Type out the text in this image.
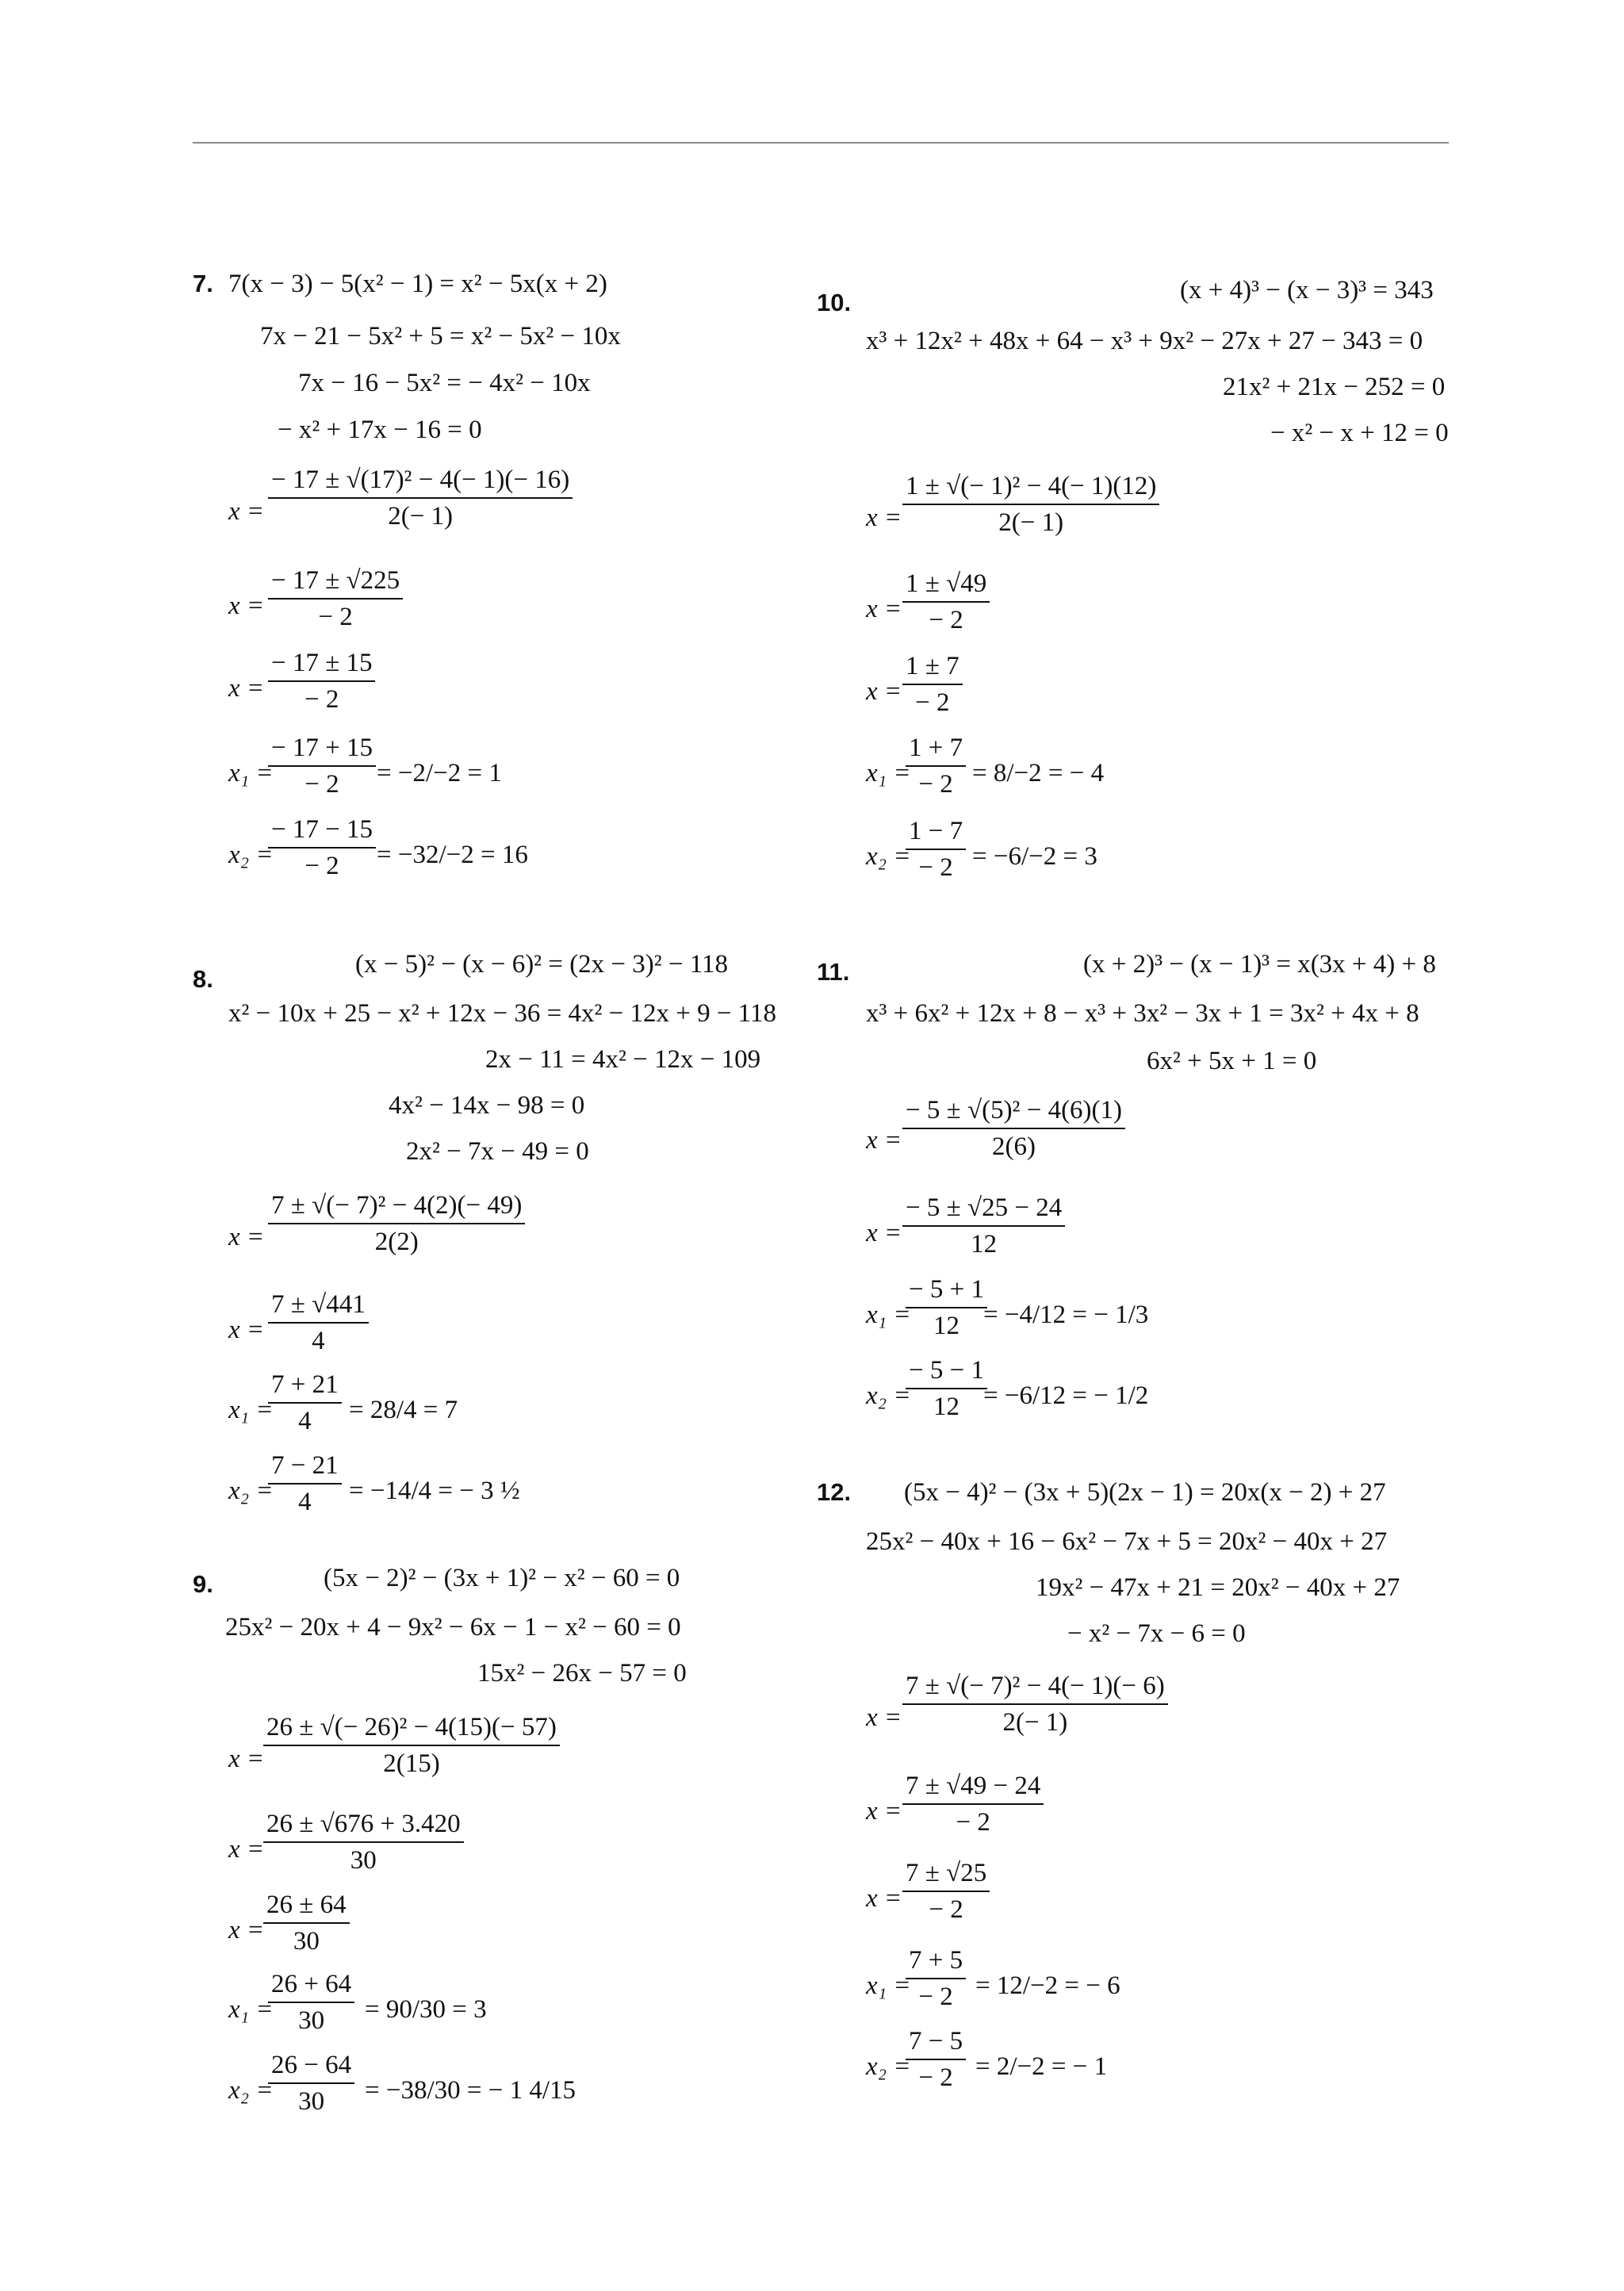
7. 7(x − 3) − 5(x² − 1) = x² − 5x(x + 2)
7x − 21 − 5x² + 5 = x² − 5x² − 10x
7x − 16 − 5x² = − 4x² − 10x
− x² + 17x − 16 = 0
$x = \frac{\text{− 17 ± √(17)² − 4(− 1)(− 16)}}{2(- 1)}$
$x = \frac{- 17 \pm √225}{- 2}$
$x = \frac{- 17 \pm 15}{- 2}$
x₁ =
$\frac{- 17 + 15}{- 2} = -2/-2 = 1$
x₂ =
$\frac{- 17 - 15}{- 2} = -32/-2 = 16$
8.
(x − 5)² − (x − 6)² = (2x − 3)² − 118
x² − 10x + 25 − x² + 12x − 36 = 4x² − 12x + 9 − 118
2x − 11 = 4x² − 12x − 109
4x² − 14x − 98 = 0
2x² − 7x − 49 = 0
$x = \frac{\text{7 ± √(− 7)² − 4(2)(− 49)}}{2(2)}$
$x = \frac{7 \pm √441}{4}$
x₁ =
$\frac{7 + 21}{4} = 28/4 = 7$
x₂ =
$\frac{7 - 21}{4} = -14/4$ = − 3 ½
9.	(5x − 2)² − (3x + 1)² − x² − 60 = 0
25x² − 20x + 4 − 9x² − 6x − 1 − x² − 60 = 0
15x² − 26x − 57 = 0
x =
$\frac{\text{26 ± √(− 26)² − 4(15)(− 57)}}{2(15)}$
x =
$\frac{26 \pm √676 + 3.420}{30}$
x =
$\frac{26 \pm 64}{30}$
x₁ =
$\frac{26 + 64}{30} = 90/30 = 3$
x₂ =
$\frac{26 - 64}{30} = -38/30$ = − 1 4/15
10.	(x + 4)³ − (x − 3)³ = 343
x³ + 12x² + 48x + 64 − x³ + 9x² − 27x + 27 − 343 = 0
21x² + 21x − 252 = 0
− x² − x + 12 = 0
$x = \frac{\text{1 ± √(− 1)² − 4(− 1)(12)}}{2(- 1)}$
$x = \frac{1 \pm √49}{- 2}$
$x = \frac{1 \pm 7}{- 2}$
x₁ =
$\frac{1 + 7}{- 2} = 8/-2$ = − 4
x₂ =
$\frac{1 - 7}{- 2} = -6/-2 = 3$
11.	(x + 2)³ − (x − 1)³ = x(3x + 4) + 8
x³ + 6x² + 12x + 8 − x³ + 3x² − 3x + 1 = 3x² + 4x + 8
6x² + 5x + 1 = 0
$x = \frac{\text{− 5 ± √(5)² − 4(6)(1)}}{2(6)}$
$x = \frac{- 5 \pm √25 - 24}{12}$
x₁ =
$\frac{- 5 + 1}{12}$
= −4/12 = − 1/3
x₂ =
$\frac{- 5 - 1}{12}$
= −6/12 = − 1/2
12. (5x − 4)² − (3x + 5)(2x − 1) = 20x(x − 2) + 27
25x² − 40x + 16 − 6x² − 7x + 5 = 20x² − 40x + 27
19x² − 47x + 21 = 20x² − 40x + 27
− x² − 7x − 6 = 0
$x = \frac{\text{7 ± √(− 7)² − 4(− 1)(− 6)}}{2(- 1)}$
$x = \frac{7 \pm √49 - 24}{- 2}$
$x = \frac{7 \pm √25}{- 2}$
x₁ =
$\frac{7 + 5}{- 2} = 12/-2$ = − 6
x₂ =
$\frac{7 - 5}{- 2} = 2/-2$ = − 1
